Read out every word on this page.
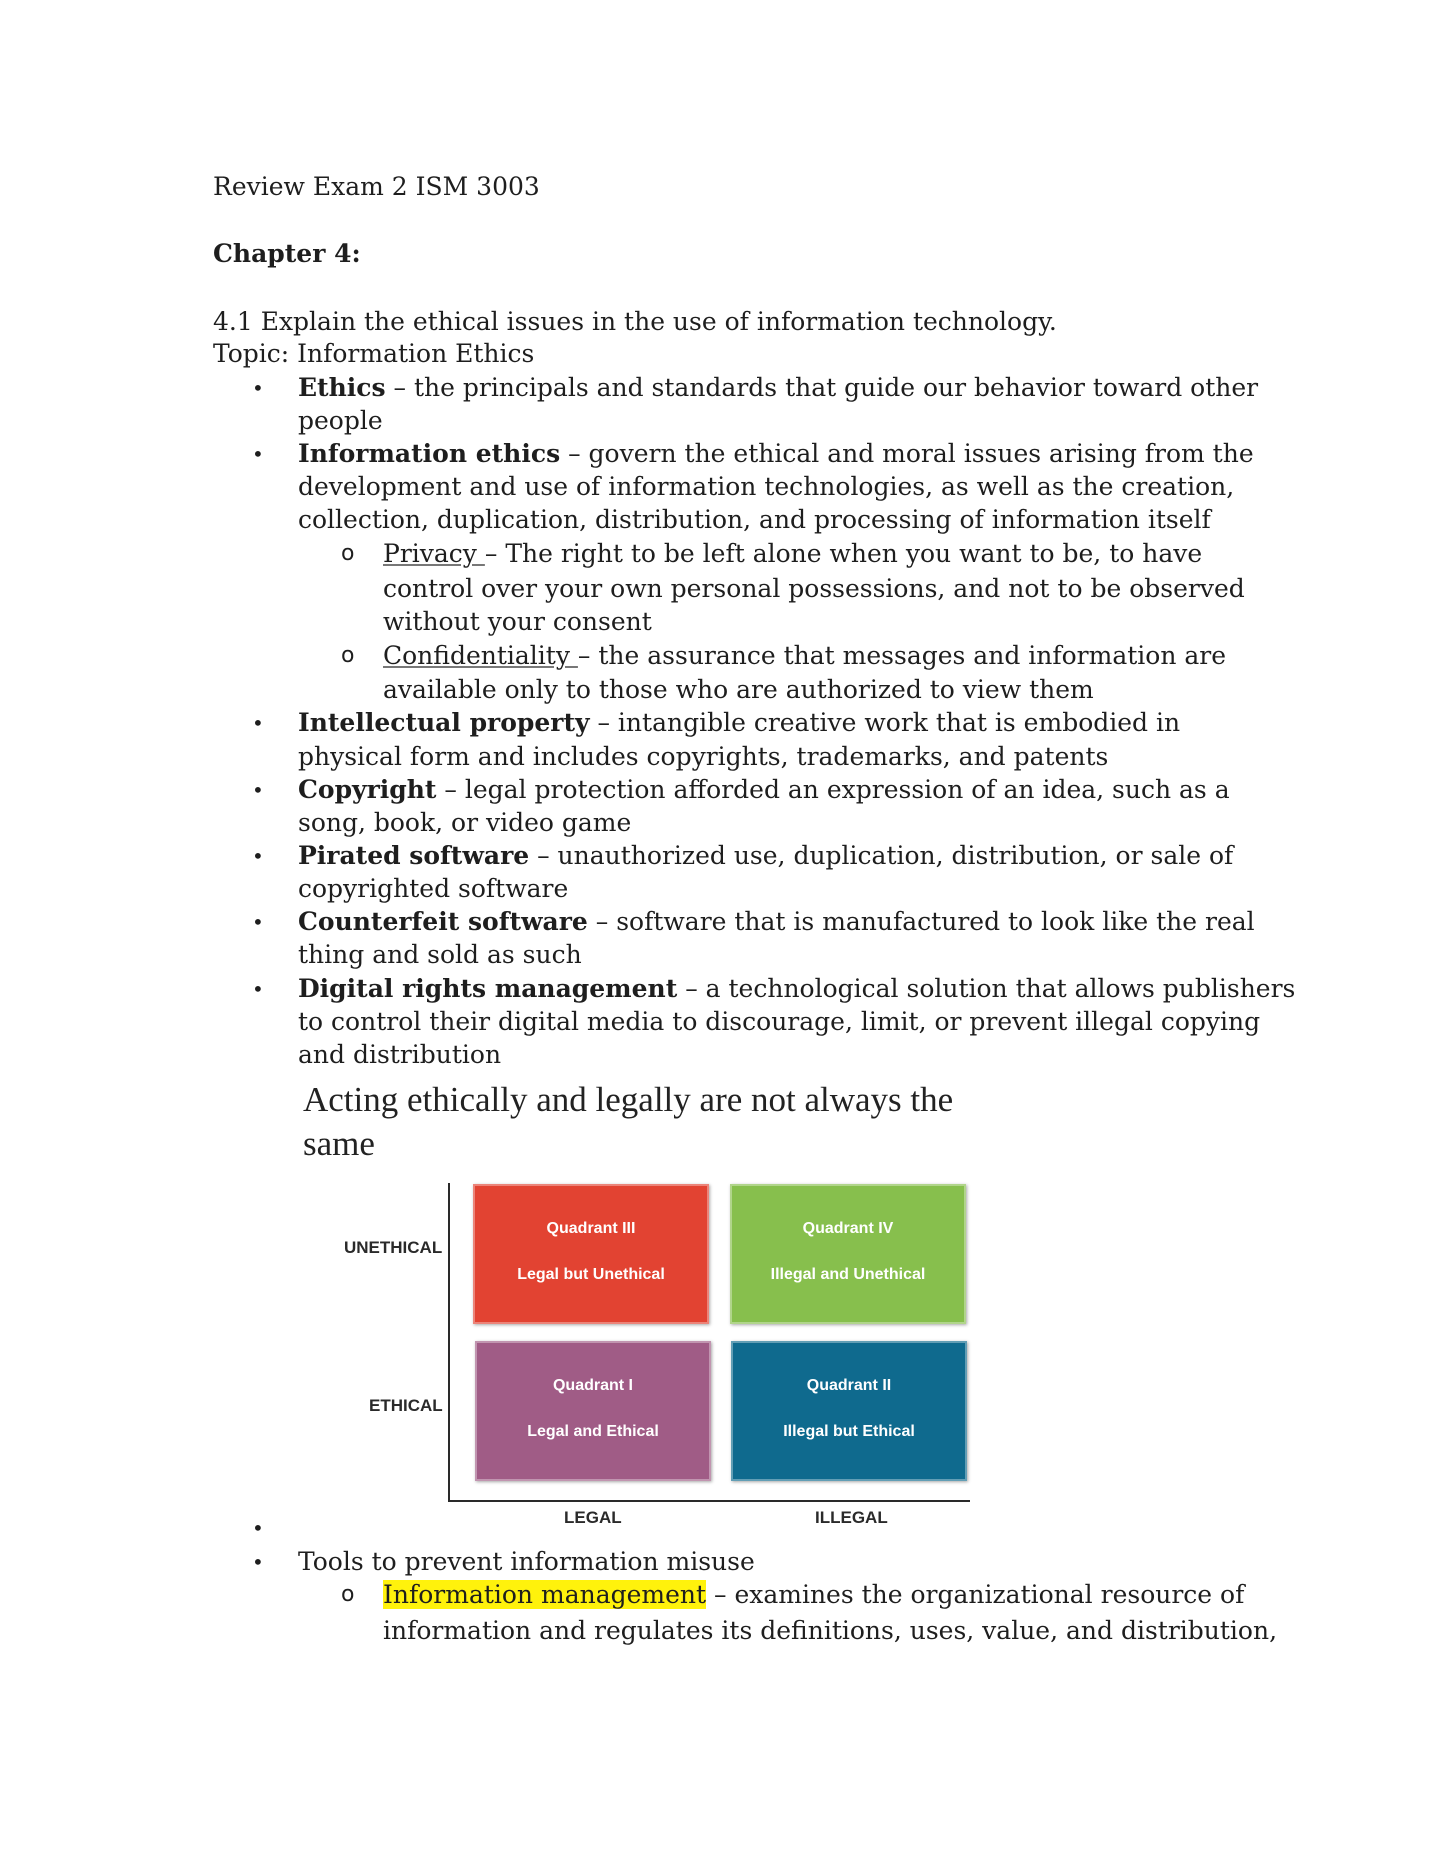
Review Exam 2 ISM 3003
Chapter 4:
4.1 Explain the ethical issues in the use of information technology.
Topic: Information Ethics
• Ethics – the principals and standards that guide our behavior toward other
people
• Information ethics – govern the ethical and moral issues arising from the
development and use of information technologies, as well as the creation,
collection, duplication, distribution, and processing of information itself
o Privacy – The right to be left alone when you want to be, to have
control over your own personal possessions, and not to be observed
without your consent
o Confidentiality – the assurance that messages and information are
available only to those who are authorized to view them
• Intellectual property – intangible creative work that is embodied in
physical form and includes copyrights, trademarks, and patents
• Copyright – legal protection afforded an expression of an idea, such as a
song, book, or video game
• Pirated software – unauthorized use, duplication, distribution, or sale of
copyrighted software
• Counterfeit software – software that is manufactured to look like the real
thing and sold as such
• Digital rights management – a technological solution that allows publishers
to control their digital media to discourage, limit, or prevent illegal copying
and distribution
Acting ethically and legally are not always the
same
UNETHICAL
ETHICAL
LEGAL	ILLEGAL
Quadrant III
Legal but Unethical
Quadrant IV
Illegal and Unethical
Quadrant I
Legal and Ethical
Quadrant II
Illegal but Ethical
•
• Tools to prevent information misuse
o Information management – examines the organizational resource of
information and regulates its definitions, uses, value, and distribution,
